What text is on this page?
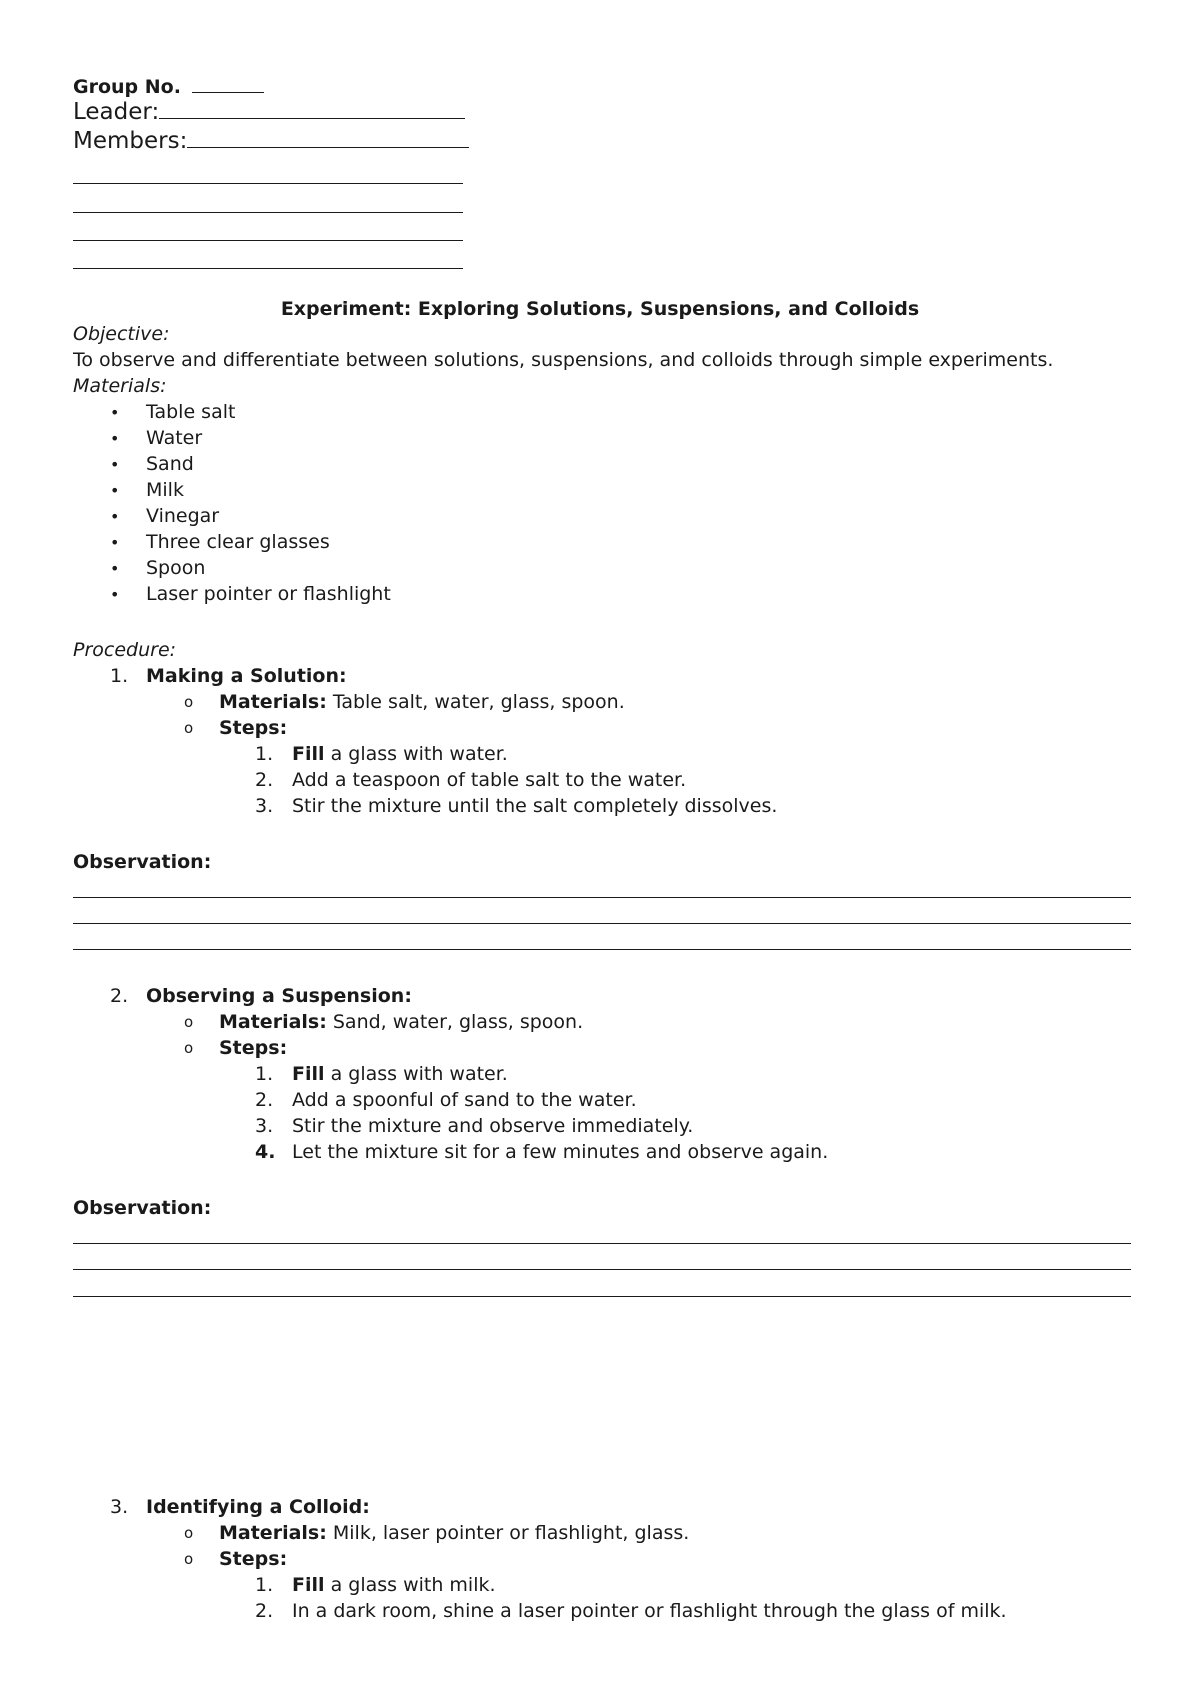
Group No.
Leader:
Members:
Experiment: Exploring Solutions, Suspensions, and Colloids
Objective:
To observe and differentiate between solutions, suspensions, and colloids through simple experiments.
Materials:
• Table salt
• Water
• Sand
• Milk
• Vinegar
• Three clear glasses
• Spoon
• Laser pointer or flashlight
Procedure:
1. Making a Solution:
o Materials: Table salt, water, glass, spoon.
o Steps:
1. Fill a glass with water.
2. Add a teaspoon of table salt to the water.
3. Stir the mixture until the salt completely dissolves.
Observation:
2. Observing a Suspension:
o Materials: Sand, water, glass, spoon.
o Steps:
1. Fill a glass with water.
2. Add a spoonful of sand to the water.
3. Stir the mixture and observe immediately.
4. Let the mixture sit for a few minutes and observe again.
Observation:
3. Identifying a Colloid:
o Materials: Milk, laser pointer or flashlight, glass.
o Steps:
1. Fill a glass with milk.
2. In a dark room, shine a laser pointer or flashlight through the glass of milk.
